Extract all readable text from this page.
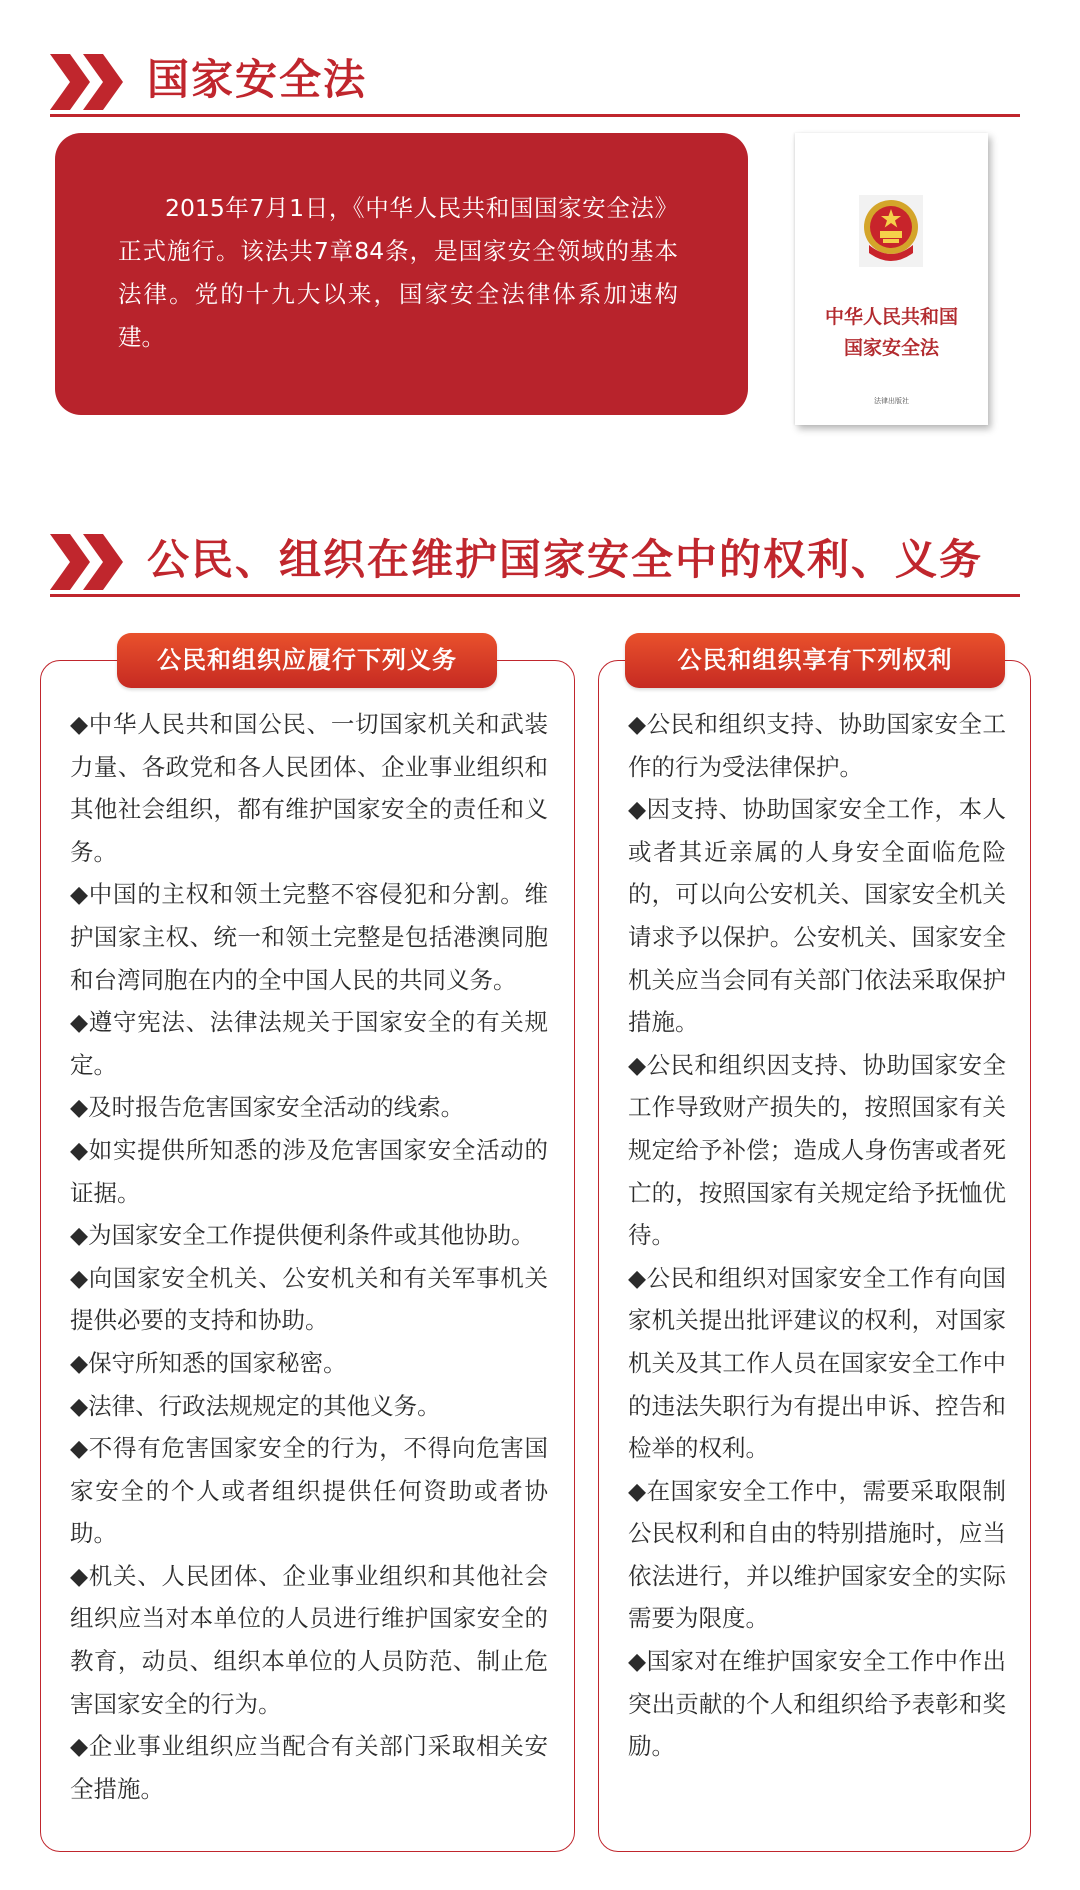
国家安全法

2015年7月1日，《中华人民共和国国家安全法》正式施行。该法共7章84条，是国家安全领域的基本法律。党的十九大以来，国家安全法律体系加速构建。

中华人民共和国
国家安全法
法律出版社
公民、组织在维护国家安全中的权利、义务
公民和组织应履行下列义务

◆中华人民共和国公民、一切国家机关和武装力量、各政党和各人民团体、企业事业组织和其他社会组织，都有维护国家安全的责任和义务。

◆中国的主权和领土完整不容侵犯和分割。维护国家主权、统一和领土完整是包括港澳同胞和台湾同胞在内的全中国人民的共同义务。

◆遵守宪法、法律法规关于国家安全的有关规定。

◆及时报告危害国家安全活动的线索。

◆如实提供所知悉的涉及危害国家安全活动的证据。

◆为国家安全工作提供便利条件或其他协助。

◆向国家安全机关、公安机关和有关军事机关提供必要的支持和协助。

◆保守所知悉的国家秘密。

◆法律、行政法规规定的其他义务。

◆不得有危害国家安全的行为，不得向危害国家安全的个人或者组织提供任何资助或者协助。

◆机关、人民团体、企业事业组织和其他社会组织应当对本单位的人员进行维护国家安全的教育，动员、组织本单位的人员防范、制止危害国家安全的行为。

◆企业事业组织应当配合有关部门采取相关安全措施。

公民和组织享有下列权利

◆公民和组织支持、协助国家安全工作的行为受法律保护。

◆因支持、协助国家安全工作，本人或者其近亲属的人身安全面临危险的，可以向公安机关、国家安全机关请求予以保护。公安机关、国家安全机关应当会同有关部门依法采取保护措施。

◆公民和组织因支持、协助国家安全工作导致财产损失的，按照国家有关规定给予补偿；造成人身伤害或者死亡的，按照国家有关规定给予抚恤优待。

◆公民和组织对国家安全工作有向国家机关提出批评建议的权利，对国家机关及其工作人员在国家安全工作中的违法失职行为有提出申诉、控告和检举的权利。

◆在国家安全工作中，需要采取限制公民权利和自由的特别措施时，应当依法进行，并以维护国家安全的实际需要为限度。

◆国家对在维护国家安全工作中作出突出贡献的个人和组织给予表彰和奖励。
